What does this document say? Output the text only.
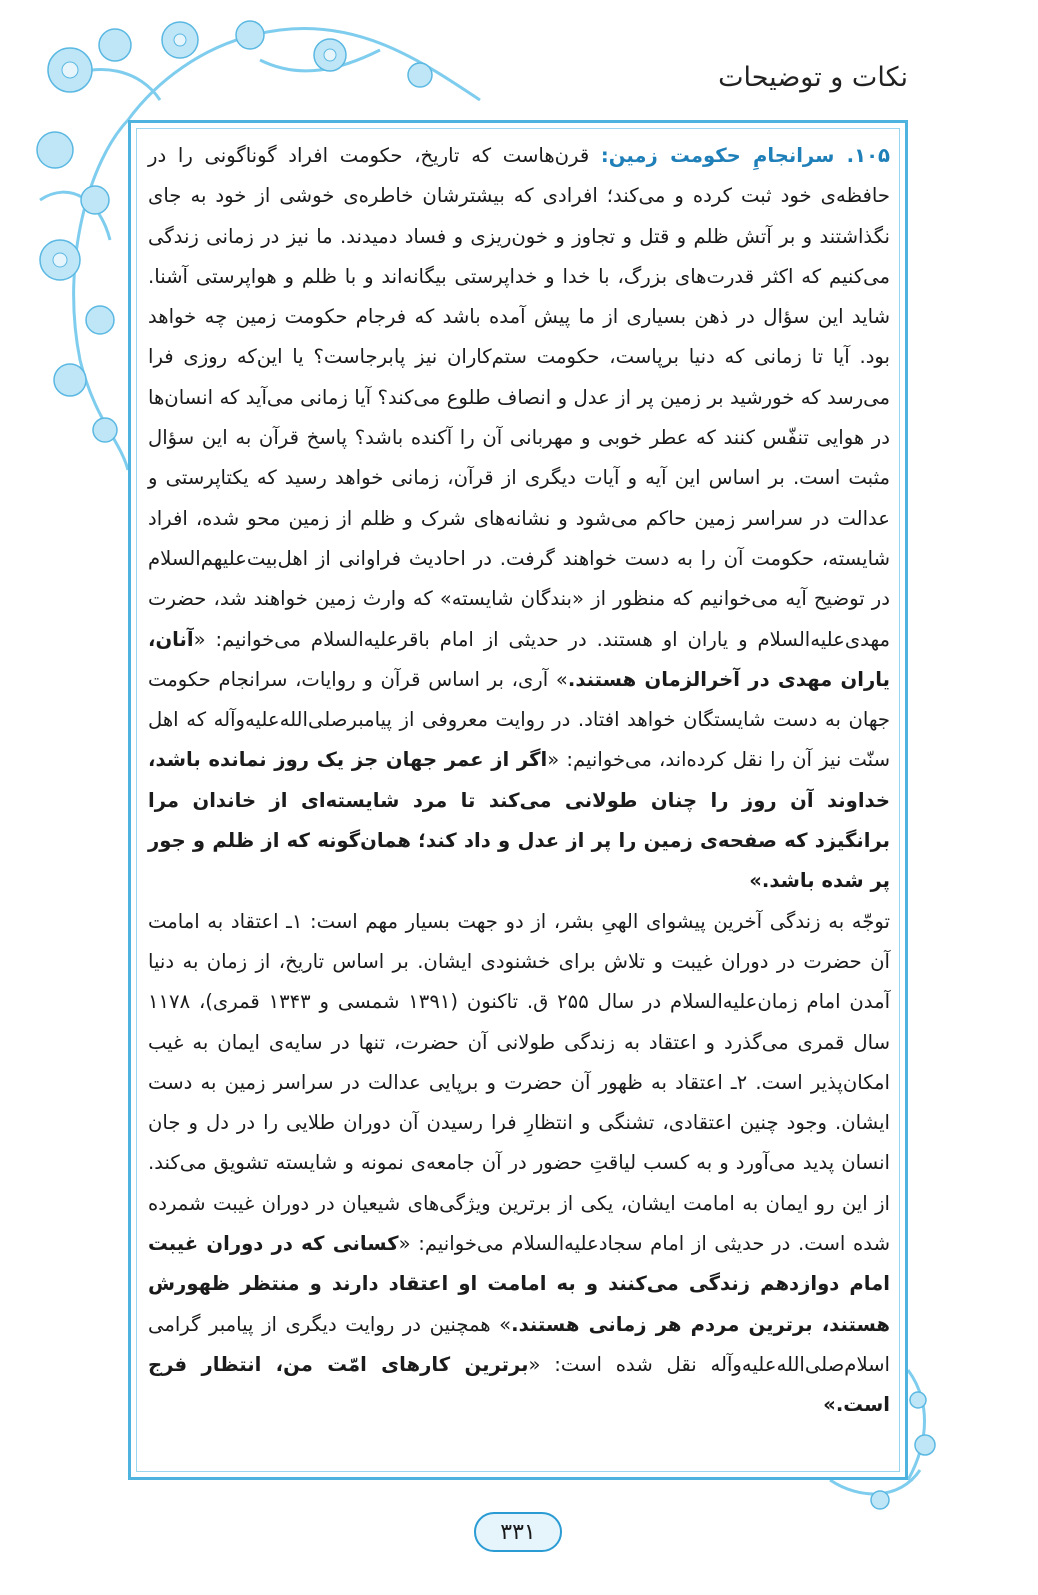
نکات و توضیحات

۱۰۵. سرانجامِ حکومت زمین: قرن‌هاست که تاریخ، حکومت افراد گوناگونی را در حافظه‌ی خود ثبت کرده و می‌کند؛ افرادی که بیشترشان خاطره‌ی خوشی از خود به جای نگذاشتند و بر آتش ظلم و قتل و تجاوز و خون‌ریزی و فساد دمیدند. ما نیز در زمانی زندگی می‌کنیم که اکثر قدرت‌های بزرگ، با خدا و خداپرستی بیگانه‌اند و با ظلم و هواپرستی آشنا. شاید این سؤال در ذهن بسیاری از ما پیش آمده باشد که فرجام حکومت زمین چه خواهد بود. آیا تا زمانی که دنیا برپاست، حکومت ستم‌کاران نیز پابرجاست؟ یا این‌که روزی فرا می‌رسد که خورشید بر زمین پر از عدل و انصاف طلوع می‌کند؟ آیا زمانی می‌آید که انسان‌ها در هوایی تنفّس کنند که عطر خوبی و مهربانی آن را آکنده باشد؟ پاسخ قرآن به این سؤال مثبت است. بر اساس این آیه و آیات دیگری از قرآن، زمانی خواهد رسید که یکتاپرستی و عدالت در سراسر زمین حاکم می‌شود و نشانه‌های شرک و ظلم از زمین محو شده، افراد شایسته، حکومت آن را به دست خواهند گرفت. در احادیث فراوانی از اهل‌بیت‌علیهم‌السلام در توضیح آیه می‌خوانیم که منظور از «بندگان شایسته» که وارث زمین خواهند شد، حضرت مهدی‌علیه‌السلام و یاران او هستند. در حدیثی از امام باقرعلیه‌السلام می‌خوانیم: «آنان، یاران مهدی در آخرالزمان هستند.» آری، بر اساس قرآن و روایات، سرانجام حکومت جهان به دست شایستگان خواهد افتاد. در روایت معروفی از پیامبرصلی‌الله‌علیه‌وآله که اهل سنّت نیز آن را نقل کرده‌اند، می‌خوانیم: «اگر از عمر جهان جز یک روز نمانده باشد، خداوند آن روز را چنان طولانی می‌کند تا مرد شایسته‌ای از خاندان مرا برانگیزد که صفحه‌ی زمین را پر از عدل و داد کند؛ همان‌گونه که از ظلم و جور پر شده باشد.»

توجّه به زندگی آخرین پیشوای الهیِ بشر، از دو جهت بسیار مهم است: ۱ـ اعتقاد به امامت آن حضرت در دوران غیبت و تلاش برای خشنودی ایشان. بر اساس تاریخ، از زمان به دنیا آمدن امام زمان‌علیه‌السلام در سال ۲۵۵ ق. تاکنون (۱۳۹۱ شمسی و ۱۳۴۳ قمری)، ۱۱۷۸ سال قمری می‌گذرد و اعتقاد به زندگی طولانی آن حضرت، تنها در سایه‌ی ایمان به غیب امکان‌پذیر است. ۲ـ اعتقاد به ظهور آن حضرت و برپایی عدالت در سراسر زمین به دست ایشان. وجود چنین اعتقادی، تشنگی و انتظارِ فرا رسیدن آن دوران طلایی را در دل و جان انسان پدید می‌آورد و به کسب لیاقتِ حضور در آن جامعه‌ی نمونه و شایسته تشویق می‌کند. از این رو ایمان به امامت ایشان، یکی از برترین ویژگی‌های شیعیان در دوران غیبت شمرده شده است. در حدیثی از امام سجادعلیه‌السلام می‌خوانیم: «کسانی که در دوران غیبت امام دوازدهم زندگی می‌کنند و به امامت او اعتقاد دارند و منتظر ظهورش هستند، برترین مردم هر زمانی هستند.» همچنین در روایت دیگری از پیامبر گرامی اسلام‌صلی‌الله‌علیه‌وآله نقل شده است: «برترین کارهای امّت من، انتظار فرج است.»

۳۳۱
